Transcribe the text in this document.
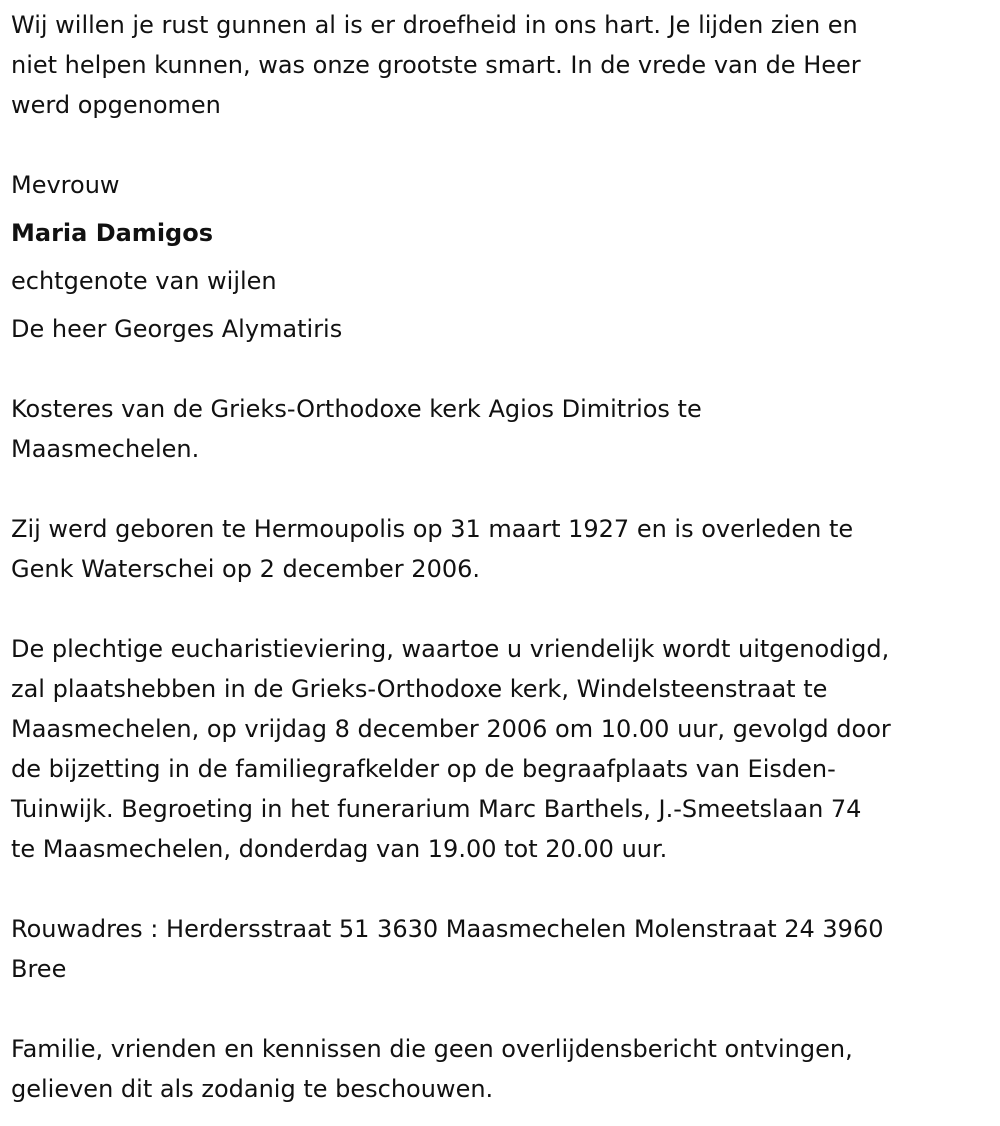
Wij willen je rust gunnen al is er droefheid in ons hart. Je lijden zien en
niet helpen kunnen, was onze grootste smart. In de vrede van de Heer
werd opgenomen

Mevrouw

Maria Damigos

echtgenote van wijlen

De heer Georges Alymatiris

Kosteres van de Grieks-Orthodoxe kerk Agios Dimitrios te
Maasmechelen.

Zij werd geboren te Hermoupolis op 31 maart 1927 en is overleden te
Genk Waterschei op 2 december 2006.

De plechtige eucharistieviering, waartoe u vriendelijk wordt uitgenodigd,
zal plaatshebben in de Grieks-Orthodoxe kerk, Windelsteenstraat te
Maasmechelen, op vrijdag 8 december 2006 om 10.00 uur, gevolgd door
de bijzetting in de familiegrafkelder op de begraafplaats van Eisden-
Tuinwijk. Begroeting in het funerarium Marc Barthels, J.-Smeetslaan 74
te Maasmechelen, donderdag van 19.00 tot 20.00 uur.

Rouwadres : Herdersstraat 51 3630 Maasmechelen Molenstraat 24 3960
Bree

Familie, vrienden en kennissen die geen overlijdensbericht ontvingen,
gelieven dit als zodanig te beschouwen.
